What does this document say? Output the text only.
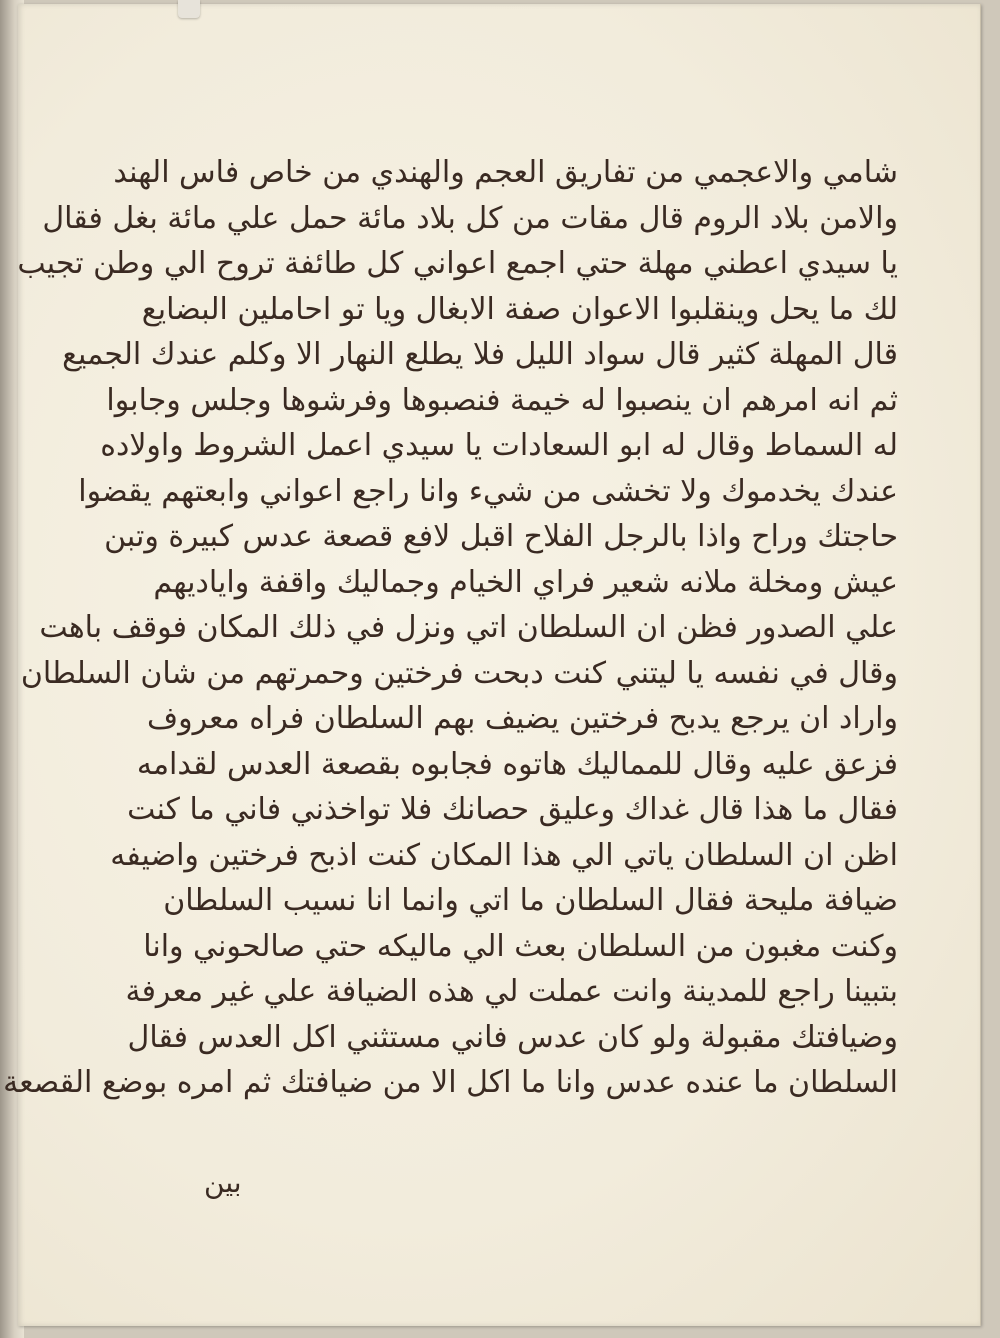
شامي والاعجمي من تفاريق العجم والهندي من خاص فاس الهند
والامن بلاد الروم قال مقات من كل بلاد مائة حمل علي مائة بغل فقال
يا سيدي اعطني مهلة حتي اجمع اعواني كل طائفة تروح الي وطن تجيب
لك ما يحل وينقلبوا الاعوان صفة الابغال ويا تو احاملين البضايع
قال المهلة كثير قال سواد الليل فلا يطلع النهار الا وكلم عندك الجميع
ثم انه امرهم ان ينصبوا له خيمة فنصبوها وفرشوها وجلس وجابوا
له السماط وقال له ابو السعادات يا سيدي اعمل الشروط واولاده
عندك يخدموك ولا تخشى من شيء وانا راجع اعواني وابعتهم يقضوا
حاجتك وراح واذا بالرجل الفلاح اقبل لافع قصعة عدس كبيرة وتبن
عيش ومخلة ملانه شعير فراي الخيام وجماليك واقفة واياديهم
علي الصدور فظن ان السلطان اتي ونزل في ذلك المكان فوقف باهت
وقال في نفسه يا ليتني كنت دبحت فرختين وحمرتهم من شان السلطان
واراد ان يرجع يدبح فرختين يضيف بهم السلطان فراه معروف
فزعق عليه وقال للمماليك هاتوه فجابوه بقصعة العدس لقدامه
فقال ما هذا قال غداك وعليق حصانك فلا تواخذني فاني ما كنت
اظن ان السلطان ياتي الي هذا المكان كنت اذبح فرختين واضيفه
ضيافة مليحة فقال السلطان ما اتي وانما انا نسيب السلطان
وكنت مغبون من السلطان بعث الي ماليكه حتي صالحوني وانا
بتبينا راجع للمدينة وانت عملت لي هذه الضيافة علي غير معرفة
وضيافتك مقبولة ولو كان عدس فاني مستثني اكل العدس فقال
السلطان ما عنده عدس وانا ما اكل الا من ضيافتك ثم امره بوضع القصعة
بين
